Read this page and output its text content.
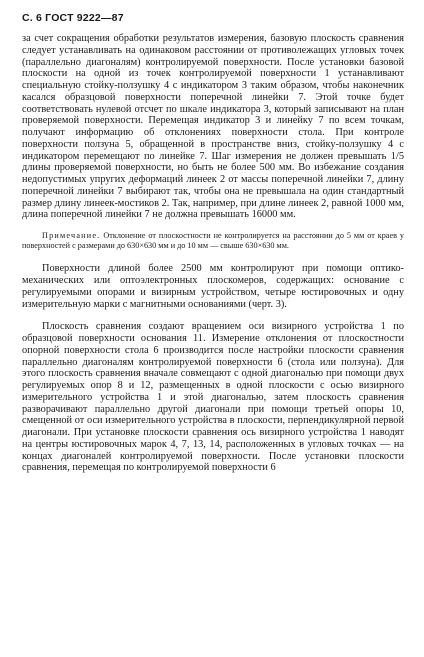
С. 6 ГОСТ 9222—87

за счет сокращения обработки результатов измерения, базовую плоскость сравнения следует устанавливать на одинаковом расстоянии от противолежащих угловых точек (параллельно диагоналям) контролируемой поверхности. После установки базовой плоскости на одной из точек контролируемой поверхности 1 устанавливают специальную стойку-ползушку 4 с индикатором 3 таким образом, чтобы наконечник касался образцовой поверхности поперечной линейки 7. Этой точке будет соответствовать нулевой отсчет по шкале индикатора 3, который записывают на план проверяемой поверхности. Перемещая индикатор 3 и линейку 7 по всем точкам, получают информацию об отклонениях поверхности стола. При контроле поверхности ползуна 5, обращенной в пространстве вниз, стойку-ползушку 4 с индикатором перемещают по линейке 7. Шаг измерения не должен превышать 1/5 длины проверяемой поверхности, но быть не более 500 мм. Во избежание создания недопустимых упругих деформаций линеек 2 от массы поперечной линейки 7, длину поперечной линейки 7 выбирают так, чтобы она не превышала на один стандартный размер длину линеек-мостиков 2. Так, например, при длине линеек 2, равной 1000 мм, длина поперечной линейки 7 не должна превышать 16000 мм.

Примечание. Отклонение от плоскостности не контролируется на расстоянии до 5 мм от краев у поверхностей с размерами до 630×630 мм и до 10 мм — свыше 630×630 мм.

Поверхности длиной более 2500 мм контролируют при помощи оптико-механических или оптоэлектронных плоскомеров, содержащих: основание с регулируемыми опорами и визирным устройством, четыре юстировочных и одну измерительную марки с магнитными основаниями (черт. 3).

Плоскость сравнения создают вращением оси визирного устройства 1 по образцовой поверхности основания 11. Измерение отклонения от плоскостности опорной поверхности стола 6 производится после настройки плоскости сравнения параллельно диагоналям контролируемой поверхности 6 (стола или ползуна). Для этого плоскость сравнения вначале совмещают с одной диагональю при помощи двух регулируемых опор 8 и 12, размещенных в одной плоскости с осью визирного измерительного устройства 1 и этой диагональю, затем плоскость сравнения разворачивают параллельно другой диагонали при помощи третьей опоры 10, смещенной от оси измерительного устройства в плоскости, перпендикулярной первой диагонали. При установке плоскости сравнения ось визирного устройства 1 наводят на центры юстировочных марок 4, 7, 13, 14, расположенных в угловых точках — на концах диагоналей контролируемой поверхности. После установки плоскости сравнения, перемещая по контролируемой поверхности 6
